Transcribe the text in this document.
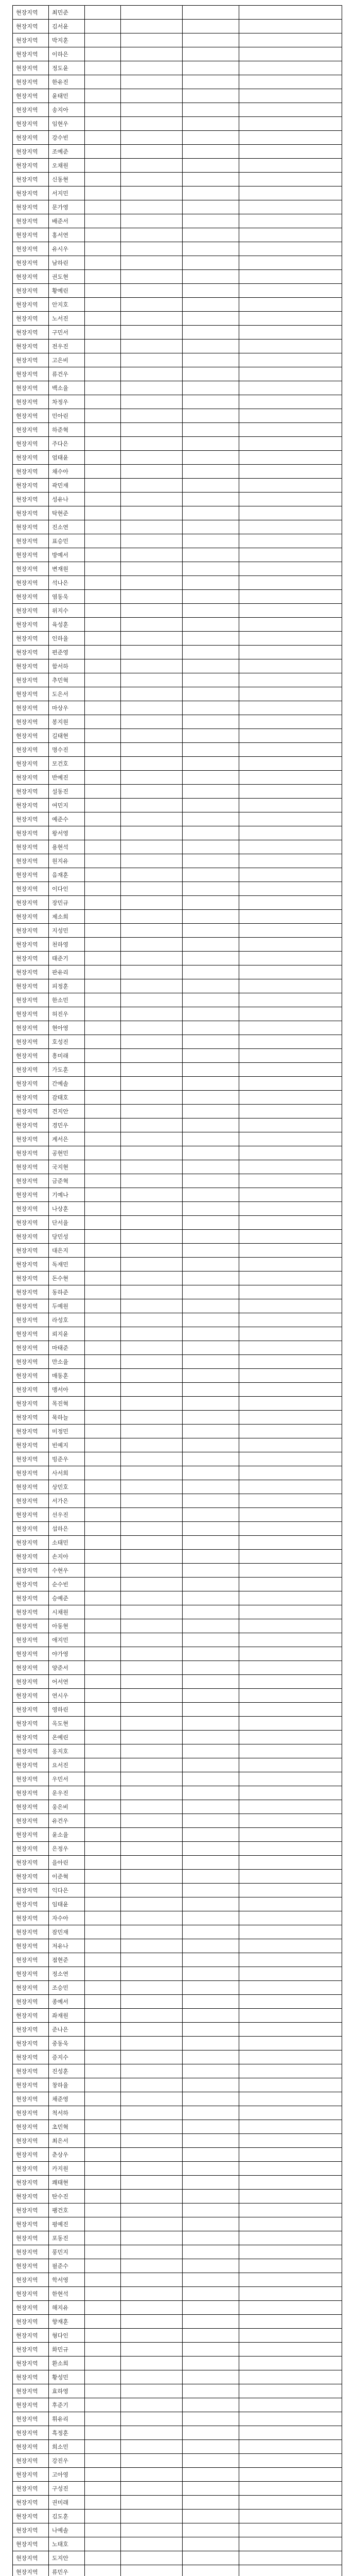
현장지역	최민준				
현장지역	김서윤				
현장지역	박지훈				
현장지역	이하은				
현장지역	정도윤				
현장지역	한유진				
현장지역	윤태민				
현장지역	송지아				
현장지역	임현우				
현장지역	강수빈				
현장지역	조예준				
현장지역	오채원				
현장지역	신동현				
현장지역	서지민				
현장지역	문가영				
현장지역	배준서				
현장지역	홍서연				
현장지역	유시우				
현장지역	남하린				
현장지역	권도현				
현장지역	황예린				
현장지역	안지호				
현장지역	노서진				
현장지역	구민서				
현장지역	전우진				
현장지역	고은비				
현장지역	류건우				
현장지역	백소율				
현장지역	차정우				
현장지역	민아린				
현장지역	하준혁				
현장지역	주다은				
현장지역	엄태윤				
현장지역	채수아				
현장지역	곽민재				
현장지역	성유나				
현장지역	탁현준				
현장지역	진소연				
현장지역	표승민				
현장지역	방예서				
현장지역	변재원				
현장지역	석나은				
현장지역	염동욱				
현장지역	위지수				
현장지역	육성훈				
현장지역	인하율				
현장지역	편준영				
현장지역	함서하				
현장지역	추민혁				
현장지역	도은서				
현장지역	마상우				
현장지역	봉지원				
현장지역	길태현				
현장지역	명수진				
현장지역	모건호				
현장지역	반예진				
현장지역	설동진				
현장지역	여민지				
현장지역	예준수				
현장지역	왕서영				
현장지역	용현석				
현장지역	원지유				
현장지역	음재훈				
현장지역	이다인				
현장지역	장민규				
현장지역	제소희				
현장지역	지성민				
현장지역	천하영				
현장지역	태준기				
현장지역	판유리				
현장지역	피정훈				
현장지역	한소민				
현장지역	허진우				
현장지역	현아영				
현장지역	호성진				
현장지역	흥미래				
현장지역	가도훈				
현장지역	간예솔				
현장지역	감태호				
현장지역	견지안				
현장지역	경민우				
현장지역	계서은				
현장지역	공현민				
현장지역	국지현				
현장지역	금준혁				
현장지역	기예나				
현장지역	나상훈				
현장지역	단서율				
현장지역	당민성				
현장지역	대은지				
현장지역	독재민				
현장지역	돈수현				
현장지역	동하준				
현장지역	두예원				
현장지역	라성호				
현장지역	뢰지윤				
현장지역	마태준				
현장지역	만소율				
현장지역	매동훈				
현장지역	맹서아				
현장지역	목진혁				
현장지역	묵하늘				
현장지역	미정민				
현장지역	빈예지				
현장지역	빙준우				
현장지역	사서희				
현장지역	상민호				
현장지역	서가은				
현장지역	선우진				
현장지역	섭하은				
현장지역	소태민				
현장지역	손지아				
현장지역	수현우				
현장지역	순수빈				
현장지역	승예준				
현장지역	시채원				
현장지역	아동현				
현장지역	애지민				
현장지역	야가영				
현장지역	양준서				
현장지역	어서연				
현장지역	연시우				
현장지역	영하린				
현장지역	옥도현				
현장지역	온예린				
현장지역	옹지호				
현장지역	요서진				
현장지역	우민서				
현장지역	운우진				
현장지역	웅은비				
현장지역	유건우				
현장지역	윤소율				
현장지역	은정우				
현장지역	을아린				
현장지역	이준혁				
현장지역	익다은				
현장지역	임태윤				
현장지역	자수아				
현장지역	잠민재				
현장지역	저유나				
현장지역	점현준				
현장지역	정소연				
현장지역	조승민				
현장지역	종예서				
현장지역	좌재원				
현장지역	준나은				
현장지역	중동욱				
현장지역	증지수				
현장지역	진성훈				
현장지역	창하율				
현장지역	채준영				
현장지역	척서하				
현장지역	초민혁				
현장지역	최은서				
현장지역	춘상우				
현장지역	카지원				
현장지역	쾌태현				
현장지역	탄수진				
현장지역	팽건호				
현장지역	평예진				
현장지역	포동진				
현장지역	풍민지				
현장지역	필준수				
현장지역	학서영				
현장지역	한현석				
현장지역	해지유				
현장지역	향재훈				
현장지역	형다인				
현장지역	화민규				
현장지역	환소희				
현장지역	황성민				
현장지역	효하영				
현장지역	후준기				
현장지역	휘유리				
현장지역	흑정훈				
현장지역	희소민				
현장지역	강진우				
현장지역	고아영				
현장지역	구성진				
현장지역	권미래				
현장지역	김도훈				
현장지역	나예솔				
현장지역	노태호				
현장지역	도지안				
현장지역	류민우				
